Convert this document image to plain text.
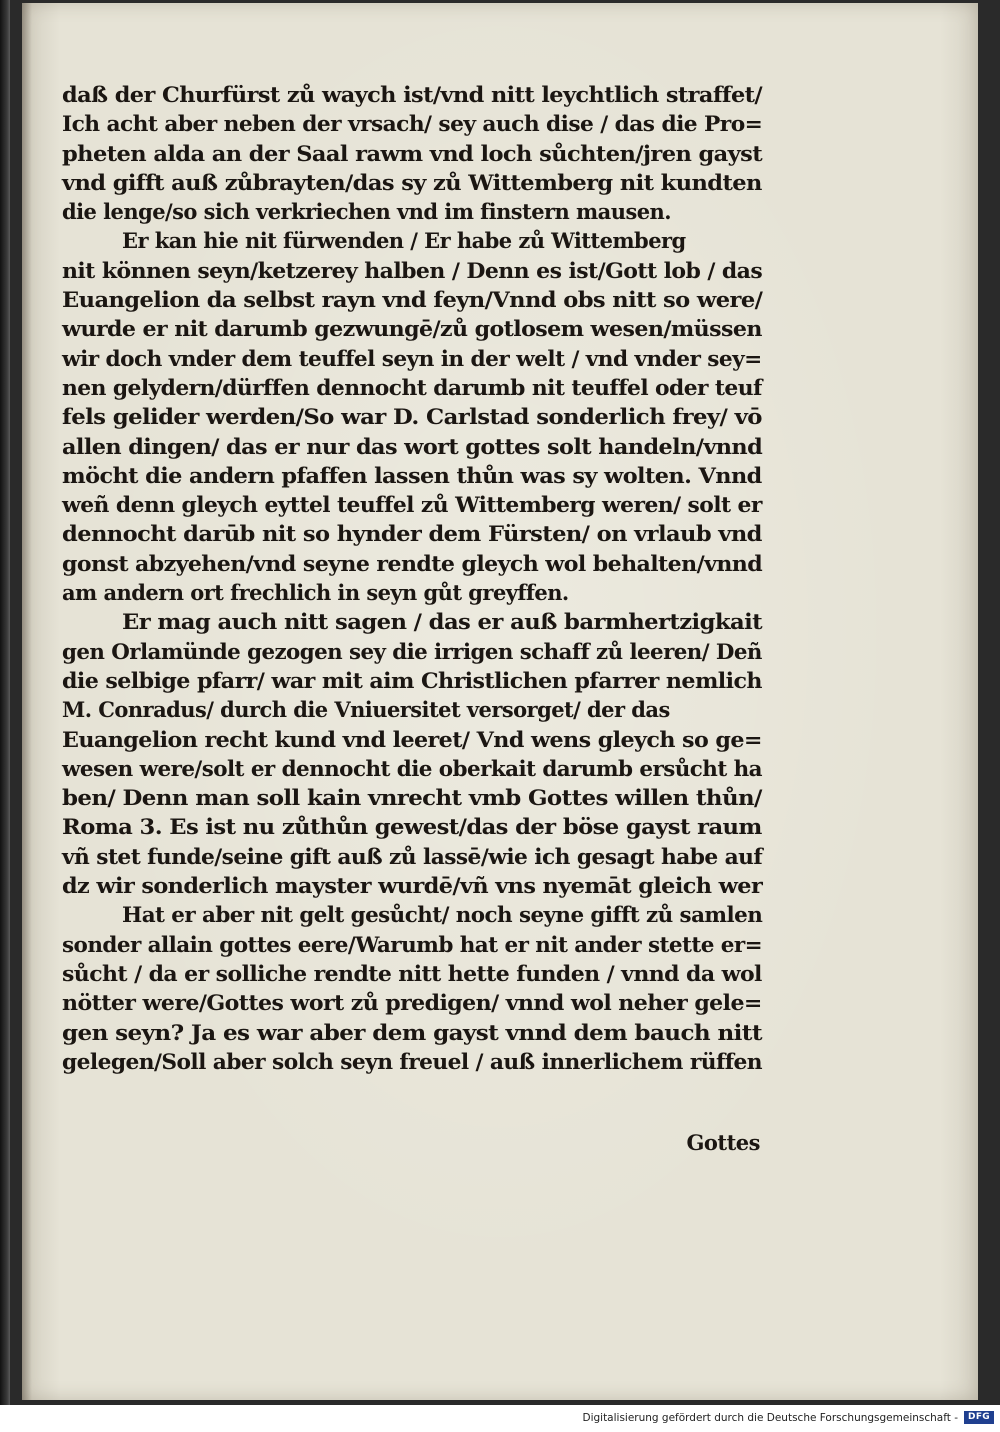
daß der Churfürst zů waych ist/vnd nitt leychtlich straffet/
Ich acht aber neben der vrsach/ sey auch dise / das die Pro=
pheten alda an der Saal rawm vnd loch sůchten/jren gayst
vnd gifft auß zůbrayten/das sy zů Wittemberg nit kundten
die lenge/so sich verkriechen vnd im finstern mausen.
Er kan hie nit fürwenden / Er habe zů Wittemberg
nit können seyn/ketzerey halben / Denn es ist/Gott lob / das
Euangelion da selbst rayn vnd feyn/Vnnd obs nitt so were/
wurde er nit darumb gezwungē/zů gotlosem wesen/müssen
wir doch vnder dem teuffel seyn in der welt / vnd vnder sey=
nen gelydern/dürffen dennocht darumb nit teuffel oder teuf
fels gelider werden/So war D. Carlstad sonderlich frey/ vō
allen dingen/ das er nur das wort gottes solt handeln/vnnd
möcht die andern pfaffen lassen thůn was sy wolten. Vnnd
weñ denn gleych eyttel teuffel zů Wittemberg weren/ solt er
dennocht darūb nit so hynder dem Fürsten/ on vrlaub vnd
gonst abzyehen/vnd seyne rendte gleych wol behalten/vnnd
am andern ort frechlich in seyn gůt greyffen.
Er mag auch nitt sagen / das er auß barmhertzigkait
gen Orlamünde gezogen sey die irrigen schaff zů leeren/ Deñ
die selbige pfarr/ war mit aim Christlichen pfarrer nemlich
M. Conradus/ durch die Vniuersitet versorget/ der das
Euangelion recht kund vnd leeret/ Vnd wens gleych so ge=
wesen were/solt er dennocht die oberkait darumb ersůcht ha
ben/ Denn man soll kain vnrecht vmb Gottes willen thůn/
Roma 3. Es ist nu zůthůn gewest/das der böse gayst raum
vñ stet funde/seine gift auß zů lassē/wie ich gesagt habe auf
dz wir sonderlich mayster wurdē/vñ vns nyemāt gleich wer
Hat er aber nit gelt gesůcht/ noch seyne gifft zů samlen
sonder allain gottes eere/Warumb hat er nit ander stette er=
sůcht / da er solliche rendte nitt hette funden / vnnd da wol
nötter were/Gottes wort zů predigen/ vnnd wol neher gele=
gen seyn? Ja es war aber dem gayst vnnd dem bauch nitt
gelegen/Soll aber solch seyn freuel / auß innerlichem rüffen
Gottes
Digitalisierung gefördert durch die Deutsche Forschungsgemeinschaft -	DFG
